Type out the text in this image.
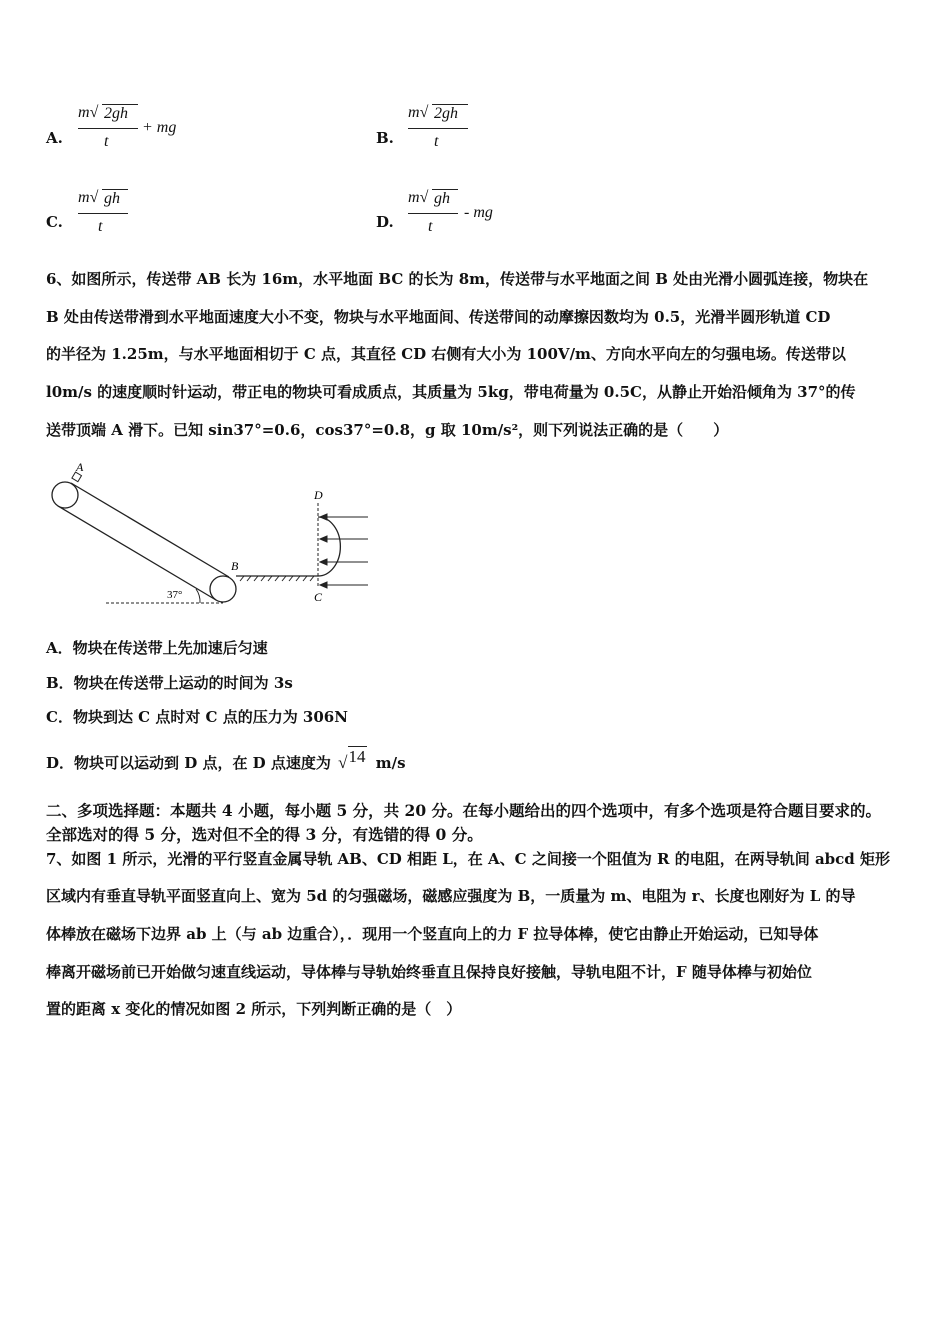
A.
m√ 2gh
t
+ mg
B.
m√ 2gh
t
C.
m√ gh
t	D.
m√ gh
t
- mg
6、如图所示，传送带 AB 长为 16m，水平地面 BC 的长为 8m，传送带与水平地面之间 B 处由光滑小圆弧连接，物块在
B 处由传送带滑到水平地面速度大小不变，物块与水平地面间、传送带间的动摩擦因数均为 0.5，光滑半圆形轨道 CD
的半径为 1.25m，与水平地面相切于 C 点，其直径 CD 右侧有大小为 100V/m、方向水平向左的匀强电场。传送带以
l0m/s 的速度顺时针运动，带正电的物块可看成质点，其质量为 5kg，带电荷量为 0.5C，从静止开始沿倾角为 37°的传
送带顶端 A 滑下。已知 sin37°=0.6，cos37°=0.8，g 取 10m/s²，则下列说法正确的是（　　）
A
37°
B
D
C
A．物块在传送带上先加速后匀速
B．物块在传送带上运动的时间为 3s
C．物块到达 C 点时对 C 点的压力为 306N
D．物块可以运动到 D 点，在 D 点速度为 √14 m/s
二、多项选择题：本题共 4 小题，每小题 5 分，共 20 分。在每小题给出的四个选项中，有多个选项是符合题目要求的。
全部选对的得 5 分，选对但不全的得 3 分，有选错的得 0 分。
7、如图 1 所示，光滑的平行竖直金属导轨 AB、CD 相距 L，在 A、C 之间接一个阻值为 R 的电阻，在两导轨间 abcd 矩形
区域内有垂直导轨平面竖直向上、宽为 5d 的匀强磁场，磁感应强度为 B，一质量为 m、电阻为 r、长度也刚好为 L 的导
体棒放在磁场下边界 ab 上（与 ab 边重合），．现用一个竖直向上的力 F 拉导体棒，使它由静止开始运动，已知导体
棒离开磁场前已开始做匀速直线运动，导体棒与导轨始终垂直且保持良好接触，导轨电阻不计，F 随导体棒与初始位
置的距离 x 变化的情况如图 2 所示，下列判断正确的是（　）
